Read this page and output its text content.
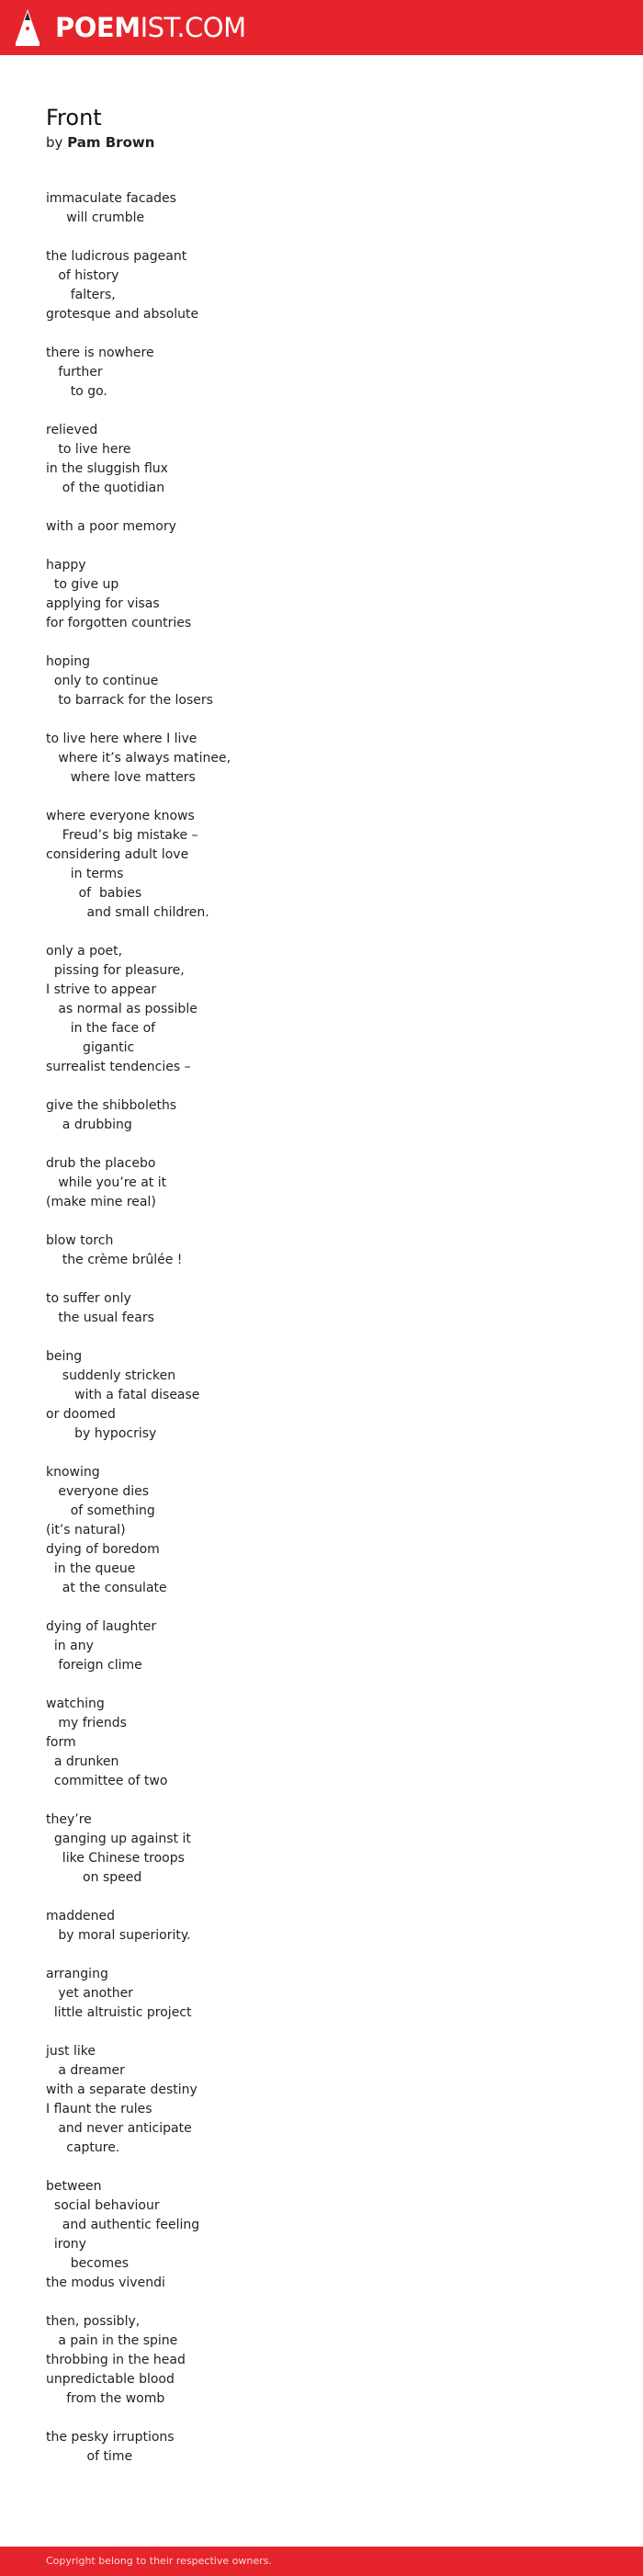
POEMIST.COM
Front

by Pam Brown

immaculate facades
will crumble
the ludicrous pageant
of history
falters,
grotesque and absolute
there is nowhere
further
to go.
relieved
to live here
in the sluggish flux
of the quotidian
with a poor memory
happy
to give up
applying for visas
for forgotten countries
hoping
only to continue
to barrack for the losers
to live here where I live
where it’s always matinee,
where love matters
where everyone knows
Freud’s big mistake –
considering adult love
in terms
of  babies
and small children.
only a poet,
pissing for pleasure,
I strive to appear
as normal as possible
in the face of
gigantic
surrealist tendencies –
give the shibboleths
a drubbing
drub the placebo
while you’re at it
(make mine real)
blow torch
the crème brûlée !
to suffer only
the usual fears
being
suddenly stricken
with a fatal disease
or doomed
by hypocrisy
knowing
everyone dies
of something
(it’s natural)
dying of boredom
in the queue
at the consulate
dying of laughter
in any
foreign clime
watching
my friends
form
a drunken
committee of two
they’re
ganging up against it
like Chinese troops
on speed
maddened
by moral superiority.
arranging
yet another
little altruistic project
just like
a dreamer
with a separate destiny
I flaunt the rules
and never anticipate
capture.
between
social behaviour
and authentic feeling
irony
becomes
the modus vivendi
then, possibly,
a pain in the spine
throbbing in the head
unpredictable blood
from the womb
the pesky irruptions
of time
Copyright belong to their respective owners.
